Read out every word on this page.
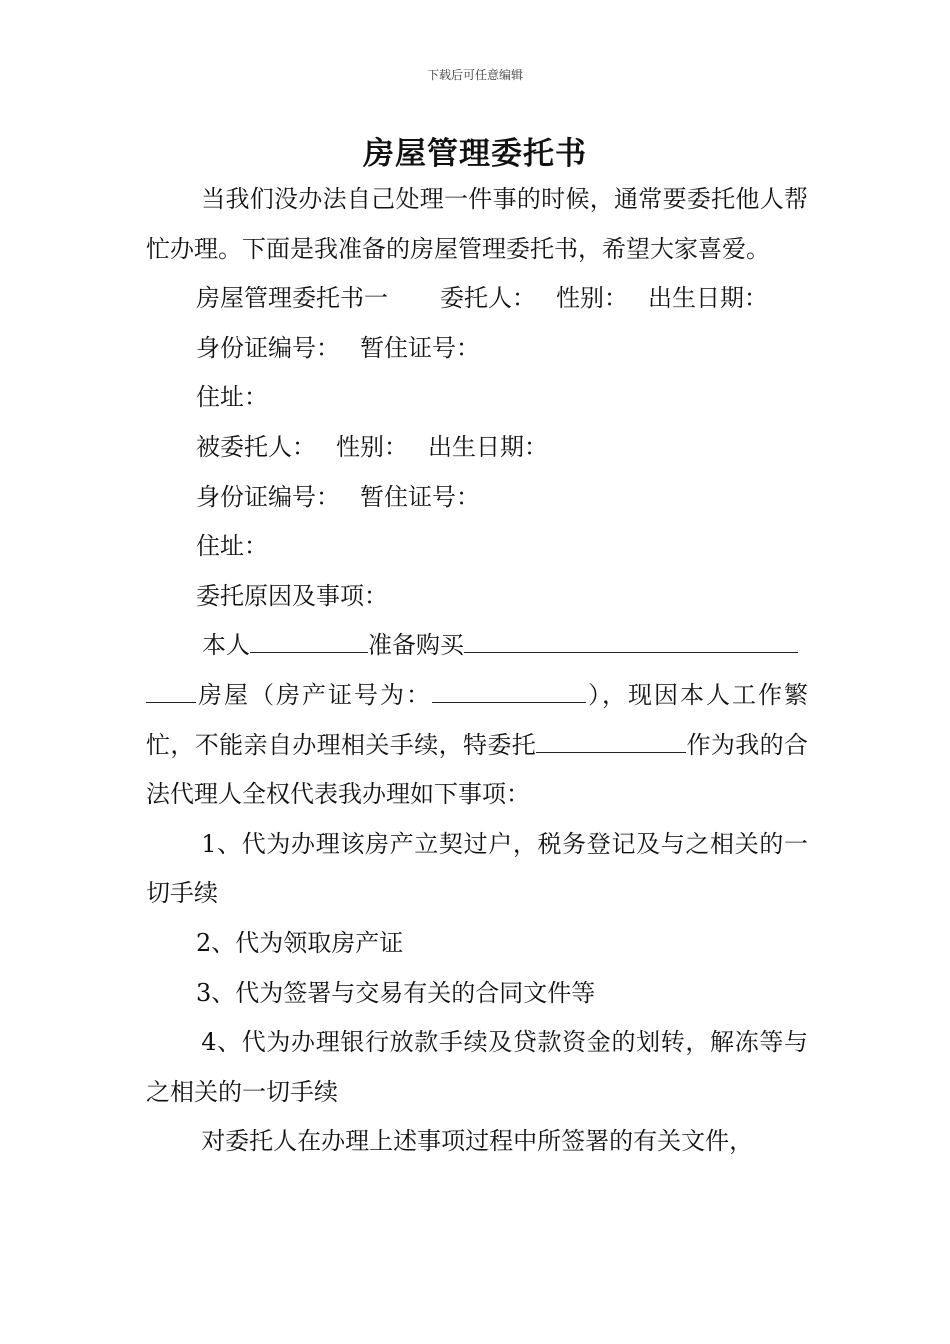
下载后可任意编辑
房屋管理委托书

当我们没办法自己处理一件事的时候，通常要委托他人帮忙办理。下面是我准备的房屋管理委托书，希望大家喜爱。

房屋管理委托书一 委托人： 性别： 出生日期：

身份证编号： 暂住证号：

住址：

被委托人： 性别： 出生日期：

身份证编号： 暂住证号：

住址：

委托原因及事项：

本人	准备购买

房屋（房产证号为：	），现因本人工作繁忙，不能亲自办理相关手续，特委托	作为我的合法代理人全权代表我办理如下事项：

1、代为办理该房产立契过户，税务登记及与之相关的一切手续

2、代为领取房产证

3、代为签署与交易有关的合同文件等

4、代为办理银行放款手续及贷款资金的划转，解冻等与之相关的一切手续

对委托人在办理上述事项过程中所签署的有关文件，
